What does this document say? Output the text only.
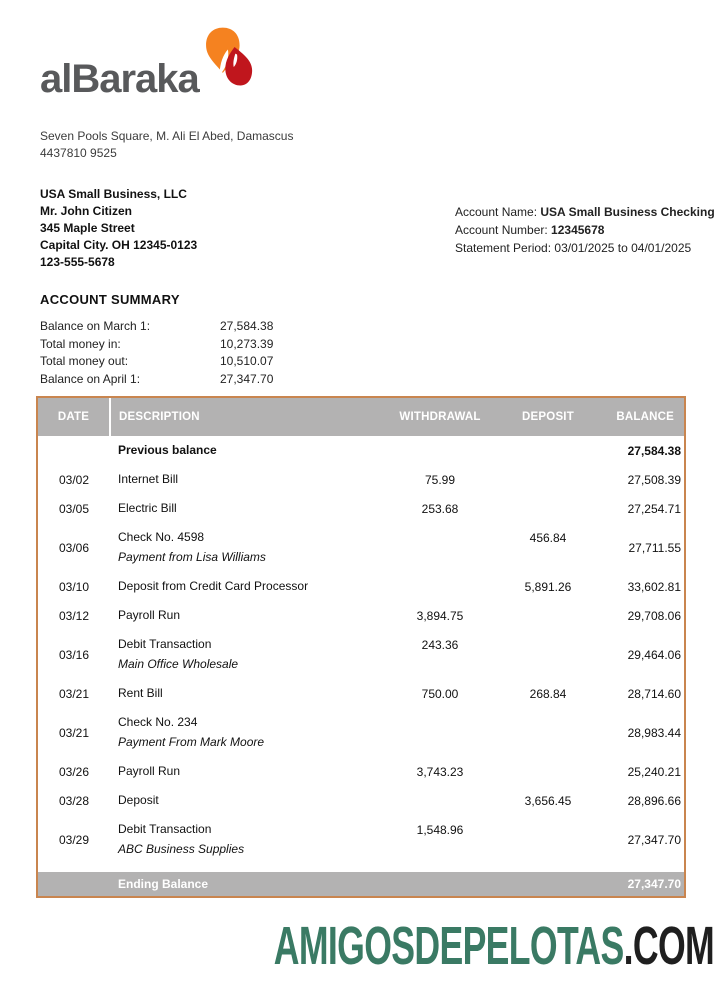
alBaraka
Seven Pools Square, M. Ali El Abed, Damascus
4437810 9525
USA Small Business, LLC
Mr. John Citizen
345 Maple Street
Capital City. OH 12345-0123
123-555-5678
Account Name: USA Small Business Checking
Account Number: 12345678
Statement Period: 03/01/2025 to 04/01/2025
ACCOUNT SUMMARY
Balance on March 1:	27,584.38
Total money in:	10,273.39
Total money out:	10,510.07
Balance on April 1:	27,347.70
DATE	DESCRIPTION	WITHDRAWAL	DEPOSIT	BALANCE

	Previous balance			27,584.38
03/02	Internet Bill	75.99		27,508.39
03/05	Electric Bill	253.68		27,254.71
03/06	Check No. 4598
Payment from Lisa Williams		456.84	27,711.55
03/10	Deposit from Credit Card Processor		5,891.26	33,602.81
03/12	Payroll Run	3,894.75		29,708.06
03/16	Debit Transaction
Main Office Wholesale	243.36		29,464.06
03/21	Rent Bill	750.00	268.84	28,714.60
03/21	Check No. 234
Payment From Mark Moore			28,983.44
03/26	Payroll Run	3,743.23		25,240.21
03/28	Deposit		3,656.45	28,896.66
03/29	Debit Transaction
ABC Business Supplies	1,548.96		27,347.70

	Ending Balance			27,347.70
AMIGOSDEPELOTAS.COM
